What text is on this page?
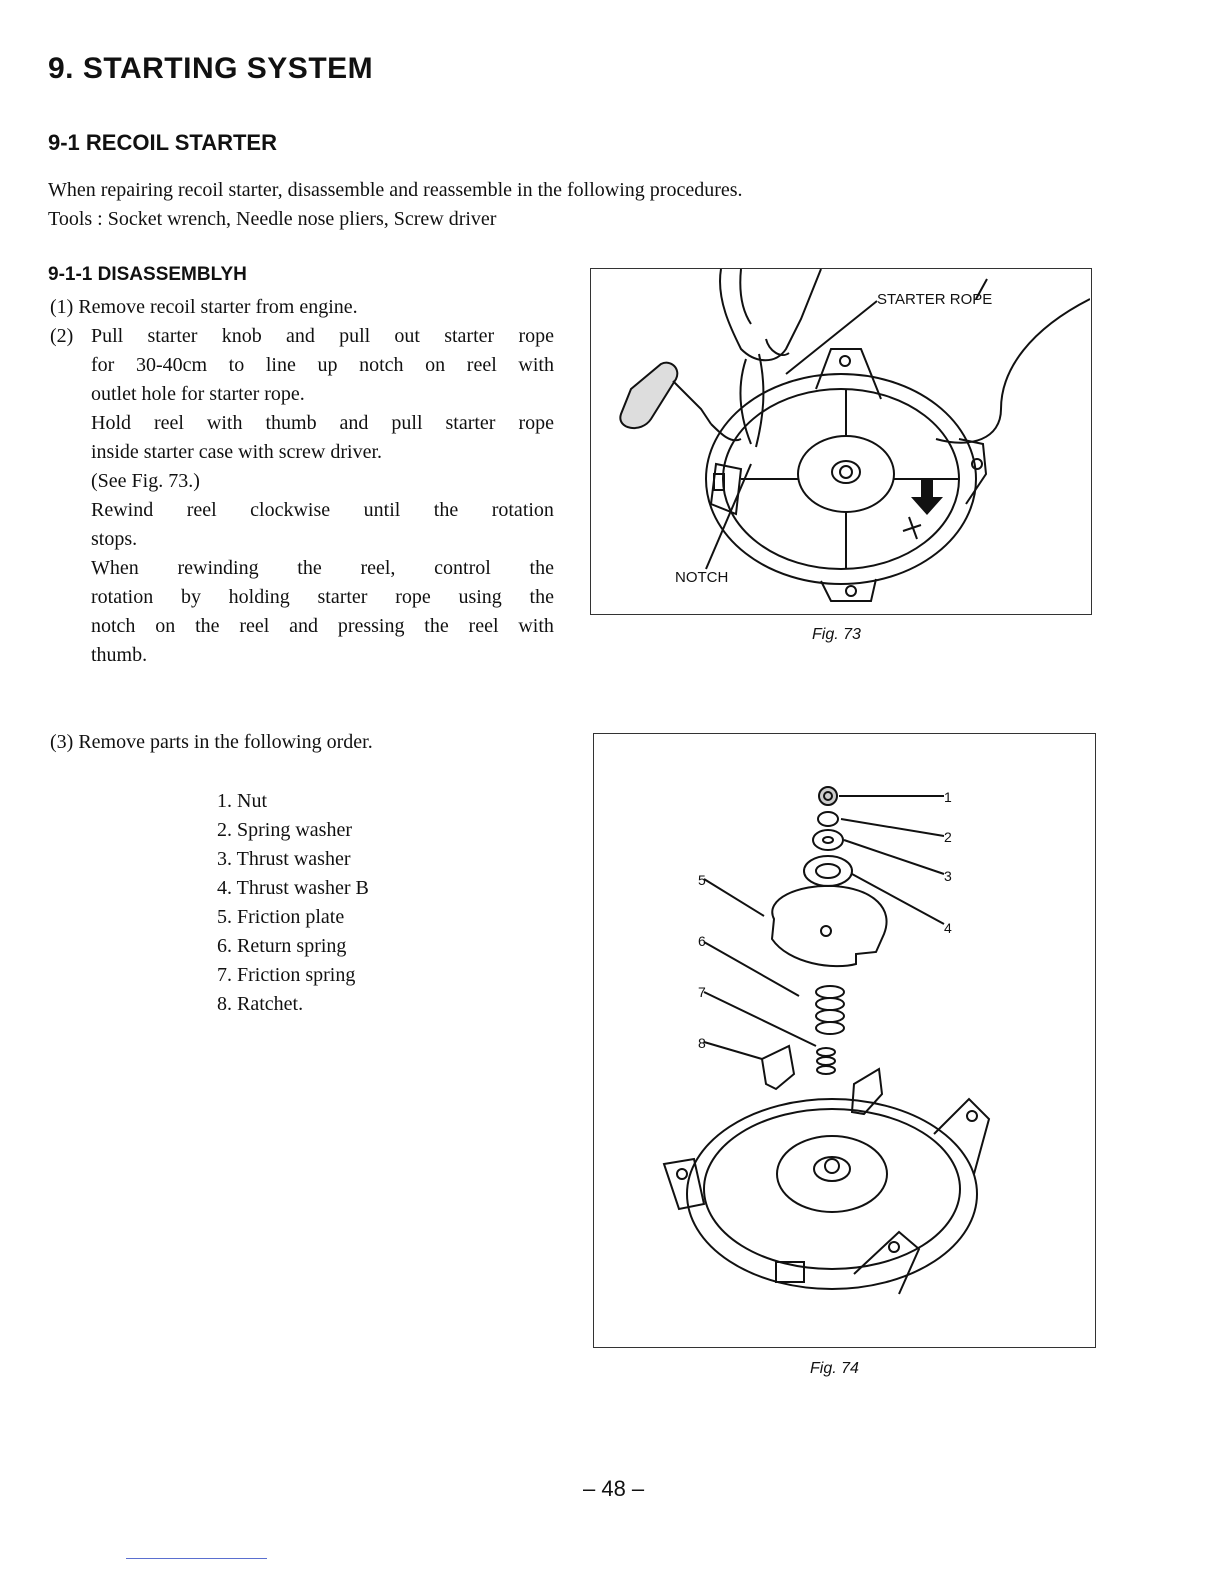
9. STARTING SYSTEM
9-1 RECOIL STARTER
When repairing recoil starter, disassemble and reassemble in the following procedures.
Tools : Socket wrench, Needle nose pliers, Screw driver
9-1-1 DISASSEMBLYH
(1) Remove recoil starter from engine.
(2) Pull starter knob and pull out starter rope
for 30-40cm to line up notch on reel with
outlet hole for starter rope.
Hold reel with thumb and pull starter rope
inside starter case with screw driver.
(See Fig. 73.)
Rewind reel clockwise until the rotation
stops.
When rewinding the reel, control the
rotation by holding starter rope using the
notch on the reel and pressing the reel with
thumb.
(3) Remove parts in the following order.
1. Nut
2. Spring washer
3. Thrust washer
4. Thrust washer B
5. Friction plate
6. Return spring
7. Friction spring
8. Ratchet.
STARTER ROPE
NOTCH
Fig. 73
1
2
3
4
5
6
7
8
Fig. 74
– 48 –
